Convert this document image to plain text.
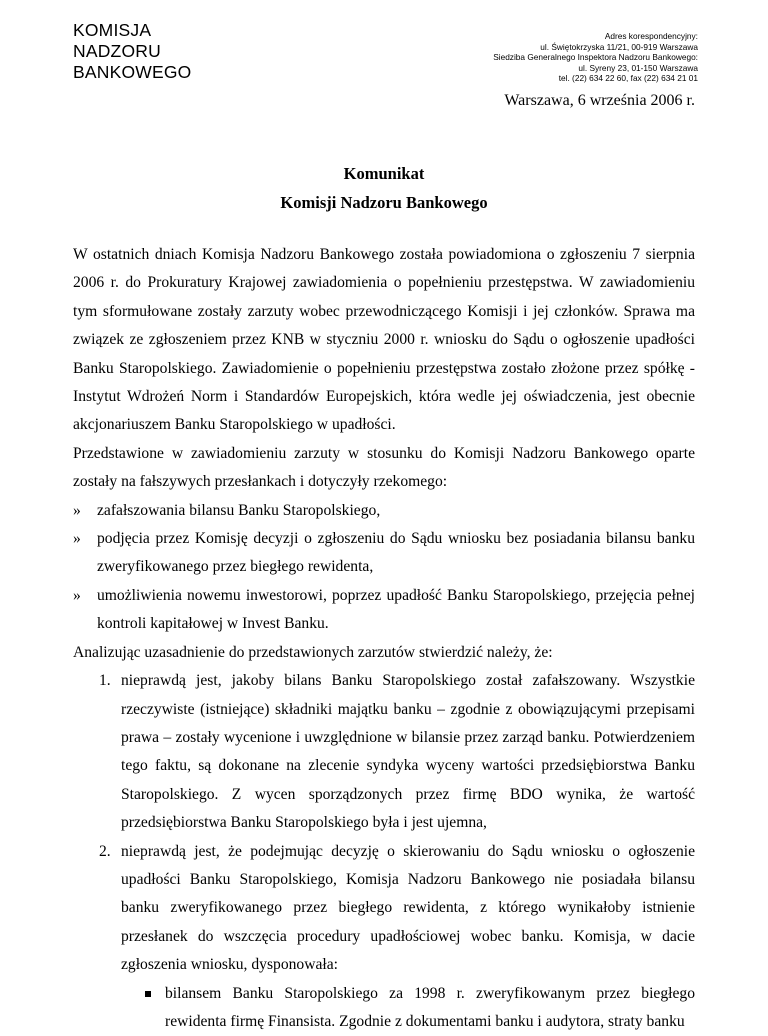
KOMISJA
NADZORU
BANKOWEGO
Adres korespondencyjny:
ul. Świętokrzyska 11/21, 00-919 Warszawa
Siedziba Generalnego Inspektora Nadzoru Bankowego:
ul. Syreny 23, 01-150 Warszawa
tel. (22) 634 22 60, fax (22) 634 21 01
Warszawa, 6 września 2006 r.
Komunikat
Komisji Nadzoru Bankowego

W ostatnich dniach Komisja Nadzoru Bankowego została powiadomiona o zgłoszeniu 7 sierpnia 2006 r. do Prokuratury Krajowej zawiadomienia o popełnieniu przestępstwa. W zawiadomieniu tym sformułowane zostały zarzuty wobec przewodniczącego Komisji i jej członków. Sprawa ma związek ze zgłoszeniem przez KNB w styczniu 2000 r. wniosku do Sądu o ogłoszenie upadłości Banku Staropolskiego. Zawiadomienie o popełnieniu przestępstwa zostało złożone przez spółkę - Instytut Wdrożeń Norm i Standardów Europejskich, która wedle jej oświadczenia, jest obecnie akcjonariuszem Banku Staropolskiego w upadłości.

Przedstawione w zawiadomieniu zarzuty w stosunku do Komisji Nadzoru Bankowego oparte zostały na fałszywych przesłankach i dotyczyły rzekomego:

» zafałszowania bilansu Banku Staropolskiego,
» podjęcia przez Komisję decyzji o zgłoszeniu do Sądu wniosku bez posiadania bilansu banku zweryfikowanego przez biegłego rewidenta,
» umożliwienia nowemu inwestorowi, poprzez upadłość Banku Staropolskiego, przejęcia pełnej kontroli kapitałowej w Invest Banku.

Analizując uzasadnienie do przedstawionych zarzutów stwierdzić należy, że:

1. nieprawdą jest, jakoby bilans Banku Staropolskiego został zafałszowany. Wszystkie rzeczywiste (istniejące) składniki majątku banku – zgodnie z obowiązującymi przepisami prawa – zostały wycenione i uwzględnione w bilansie przez zarząd banku. Potwierdzeniem tego faktu, są dokonane na zlecenie syndyka wyceny wartości przedsiębiorstwa Banku Staropolskiego. Z wycen sporządzonych przez firmę BDO wynika, że wartość przedsiębiorstwa Banku Staropolskiego była i jest ujemna,
2. nieprawdą jest, że podejmując decyzję o skierowaniu do Sądu wniosku o ogłoszenie upadłości Banku Staropolskiego, Komisja Nadzoru Bankowego nie posiadała bilansu banku zweryfikowanego przez biegłego rewidenta, z którego wynikałoby istnienie przesłanek do wszczęcia procedury upadłościowej wobec banku. Komisja, w dacie zgłoszenia wniosku, dysponowała:
bilansem Banku Staropolskiego za 1998 r. zweryfikowanym przez biegłego rewidenta firmę Finansista. Zgodnie z dokumentami banku i audytora, straty banku
